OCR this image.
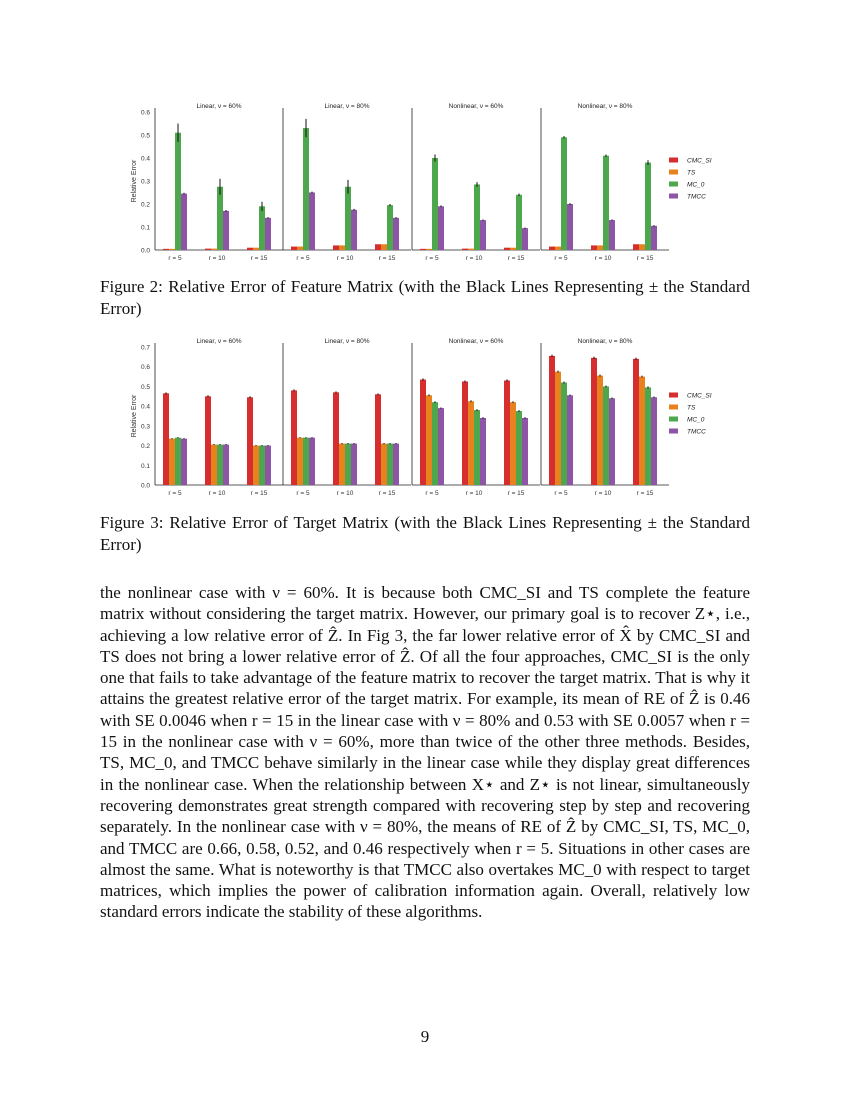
Relative Error
0.0
0.1
0.2
0.3
0.4
0.5
0.6
Linear, ν = 60%
r = 5	r = 10	r = 15
Linear, ν = 80%
r = 5	r = 10	r = 15
Nonlinear, ν = 60%
r = 5	r = 10	r = 15
Nonlinear, ν = 80%
r = 5	r = 10	r = 15
CMC_SI
TS
MC_0
TMCC
Figure 2: Relative Error of Feature Matrix (with the Black Lines Representing ± the Standard Error)
Relative Error
0.0
0.1
0.2
0.3
0.4
0.5
0.6
0.7
Linear, ν = 60%
r = 5	r = 10	r = 15
Linear, ν = 80%
r = 5	r = 10	r = 15
Nonlinear, ν = 60%
r = 5	r = 10	r = 15
Nonlinear, ν = 80%
r = 5	r = 10	r = 15
CMC_SI
TS
MC_0
TMCC
Figure 3: Relative Error of Target Matrix (with the Black Lines Representing ± the Standard Error)
the nonlinear case with ν = 60%. It is because both CMC_SI and TS complete the feature matrix without considering the target matrix. However, our primary goal is to recover Z⋆, i.e., achieving a low relative error of Ẑ. In Fig 3, the far lower relative error of X̂ by CMC_SI and TS does not bring a lower relative error of Ẑ. Of all the four approaches, CMC_SI is the only one that fails to take advantage of the feature matrix to recover the target matrix. That is why it attains the greatest relative error of the target matrix. For example, its mean of RE of Ẑ is 0.46 with SE 0.0046 when r = 15 in the linear case with ν = 80% and 0.53 with SE 0.0057 when r = 15 in the nonlinear case with ν = 60%, more than twice of the other three methods. Besides, TS, MC_0, and TMCC behave similarly in the linear case while they display great differences in the nonlinear case. When the relationship between X⋆ and Z⋆ is not linear, simultaneously recovering demonstrates great strength compared with recovering step by step and recovering separately. In the nonlinear case with ν = 80%, the means of RE of Ẑ by CMC_SI, TS, MC_0, and TMCC are 0.66, 0.58, 0.52, and 0.46 respectively when r = 5. Situations in other cases are almost the same. What is noteworthy is that TMCC also overtakes MC_0 with respect to target matrices, which implies the power of calibration information again. Overall, relatively low standard errors indicate the stability of these algorithms.
9
